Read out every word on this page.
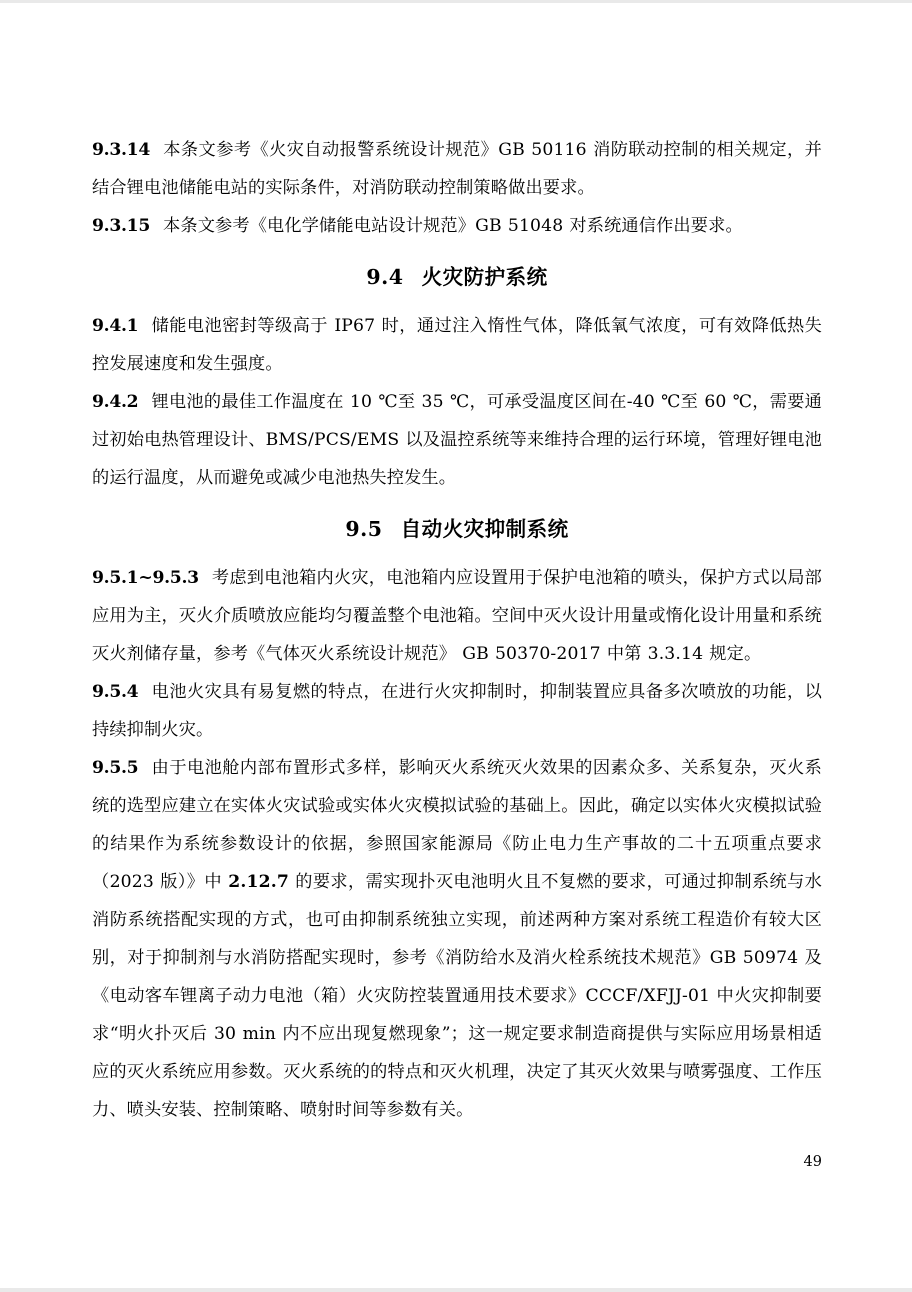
9.3.14 本条文参考《火灾自动报警系统设计规范》GB 50116 消防联动控制的相关规定，并结合锂电池储能电站的实际条件，对消防联动控制策略做出要求。

9.3.15 本条文参考《电化学储能电站设计规范》GB 51048 对系统通信作出要求。

9.4 火灾防护系统

9.4.1 储能电池密封等级高于 IP67 时，通过注入惰性气体，降低氧气浓度，可有效降低热失控发展速度和发生强度。

9.4.2 锂电池的最佳工作温度在 10 ℃至 35 ℃，可承受温度区间在-40 ℃至 60 ℃，需要通过初始电热管理设计、BMS/PCS/EMS 以及温控系统等来维持合理的运行环境，管理好锂电池的运行温度，从而避免或减少电池热失控发生。

9.5 自动火灾抑制系统

9.5.1~9.5.3 考虑到电池箱内火灾，电池箱内应设置用于保护电池箱的喷头，保护方式以局部应用为主，灭火介质喷放应能均匀覆盖整个电池箱。空间中灭火设计用量或惰化设计用量和系统灭火剂储存量，参考《气体灭火系统设计规范》 GB 50370-2017 中第 3.3.14 规定。

9.5.4 电池火灾具有易复燃的特点，在进行火灾抑制时，抑制装置应具备多次喷放的功能，以持续抑制火灾。

9.5.5 由于电池舱内部布置形式多样，影响灭火系统灭火效果的因素众多、关系复杂，灭火系统的选型应建立在实体火灾试验或实体火灾模拟试验的基础上。因此，确定以实体火灾模拟试验的结果作为系统参数设计的依据，参照国家能源局《防止电力生产事故的二十五项重点要求（2023 版）》中 2.12.7 的要求，需实现扑灭电池明火且不复燃的要求，可通过抑制系统与水消防系统搭配实现的方式，也可由抑制系统独立实现，前述两种方案对系统工程造价有较大区别，对于抑制剂与水消防搭配实现时，参考《消防给水及消火栓系统技术规范》GB 50974 及《电动客车锂离子动力电池（箱）火灾防控装置通用技术要求》CCCF/XFJJ-01 中火灾抑制要求“明火扑灭后 30 min 内不应出现复燃现象”；这一规定要求制造商提供与实际应用场景相适应的灭火系统应用参数。灭火系统的的特点和灭火机理，决定了其灭火效果与喷雾强度、工作压力、喷头安装、控制策略、喷射时间等参数有关。

49
